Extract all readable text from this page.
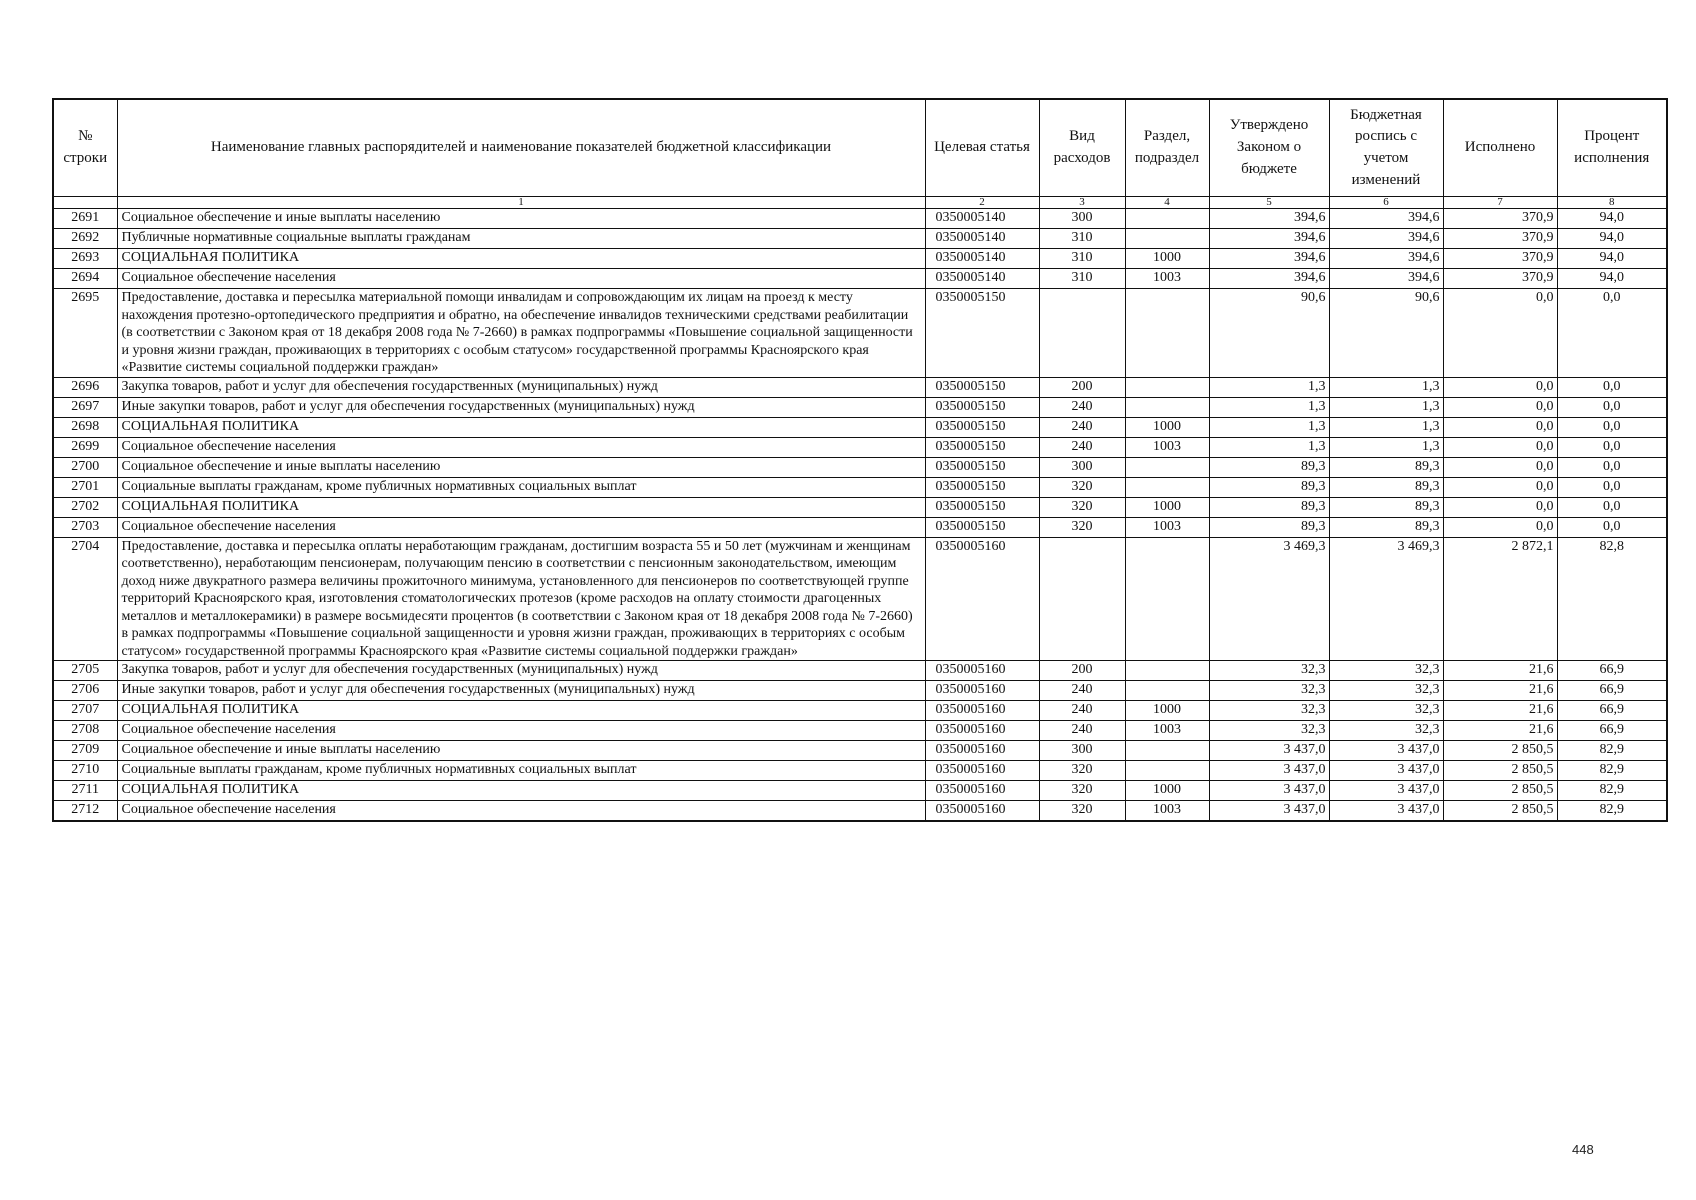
№ строки	Наименование главных распорядителей и наименование показателей бюджетной классификации	Целевая статья	Вид расходов	Раздел, подраздел	Утверждено Законом о бюджете	Бюджетная роспись с учетом изменений	Исполнено	Процент исполнения
	1	2	3	4	5	6	7	8
2691	Социальное обеспечение и иные выплаты населению	0350005140	300		394,6	394,6	370,9	94,0
2692	Публичные нормативные социальные выплаты гражданам	0350005140	310		394,6	394,6	370,9	94,0
2693	СОЦИАЛЬНАЯ ПОЛИТИКА	0350005140	310	1000	394,6	394,6	370,9	94,0
2694	Социальное обеспечение населения	0350005140	310	1003	394,6	394,6	370,9	94,0
2695	Предоставление, доставка и пересылка материальной помощи инвалидам и сопровождающим их лицам на проезд к месту нахождения протезно-ортопедического предприятия и обратно, на обеспечение инвалидов техническими средствами реабилитации (в соответствии с Законом края от 18 декабря 2008 года № 7-2660) в рамках подпрограммы «Повышение социальной защищенности и уровня жизни граждан, проживающих в территориях с особым статусом» государственной программы Красноярского края «Развитие системы социальной поддержки граждан»	0350005150			90,6	90,6	0,0	0,0
2696	Закупка товаров, работ и услуг для обеспечения государственных (муниципальных) нужд	0350005150	200		1,3	1,3	0,0	0,0
2697	Иные закупки товаров, работ и услуг для обеспечения государственных (муниципальных) нужд	0350005150	240		1,3	1,3	0,0	0,0
2698	СОЦИАЛЬНАЯ ПОЛИТИКА	0350005150	240	1000	1,3	1,3	0,0	0,0
2699	Социальное обеспечение населения	0350005150	240	1003	1,3	1,3	0,0	0,0
2700	Социальное обеспечение и иные выплаты населению	0350005150	300		89,3	89,3	0,0	0,0
2701	Социальные выплаты гражданам, кроме публичных нормативных социальных выплат	0350005150	320		89,3	89,3	0,0	0,0
2702	СОЦИАЛЬНАЯ ПОЛИТИКА	0350005150	320	1000	89,3	89,3	0,0	0,0
2703	Социальное обеспечение населения	0350005150	320	1003	89,3	89,3	0,0	0,0
2704	Предоставление, доставка и пересылка оплаты неработающим гражданам, достигшим возраста 55 и 50 лет (мужчинам и женщинам соответственно), неработающим пенсионерам, получающим пенсию в соответствии с пенсионным законодательством, имеющим доход ниже двукратного размера величины прожиточного минимума, установленного для пенсионеров по соответствующей группе территорий Красноярского края, изготовления стоматологических протезов (кроме расходов на оплату стоимости драгоценных металлов и металлокерамики) в размере восьмидесяти процентов (в соответствии с Законом края от 18 декабря 2008 года № 7-2660) в рамках подпрограммы «Повышение социальной защищенности и уровня жизни граждан, проживающих в территориях с особым статусом» государственной программы Красноярского края «Развитие системы социальной поддержки граждан»	0350005160			3 469,3	3 469,3	2 872,1	82,8
2705	Закупка товаров, работ и услуг для обеспечения государственных (муниципальных) нужд	0350005160	200		32,3	32,3	21,6	66,9
2706	Иные закупки товаров, работ и услуг для обеспечения государственных (муниципальных) нужд	0350005160	240		32,3	32,3	21,6	66,9
2707	СОЦИАЛЬНАЯ ПОЛИТИКА	0350005160	240	1000	32,3	32,3	21,6	66,9
2708	Социальное обеспечение населения	0350005160	240	1003	32,3	32,3	21,6	66,9
2709	Социальное обеспечение и иные выплаты населению	0350005160	300		3 437,0	3 437,0	2 850,5	82,9
2710	Социальные выплаты гражданам, кроме публичных нормативных социальных выплат	0350005160	320		3 437,0	3 437,0	2 850,5	82,9
2711	СОЦИАЛЬНАЯ ПОЛИТИКА	0350005160	320	1000	3 437,0	3 437,0	2 850,5	82,9
2712	Социальное обеспечение населения	0350005160	320	1003	3 437,0	3 437,0	2 850,5	82,9
448
